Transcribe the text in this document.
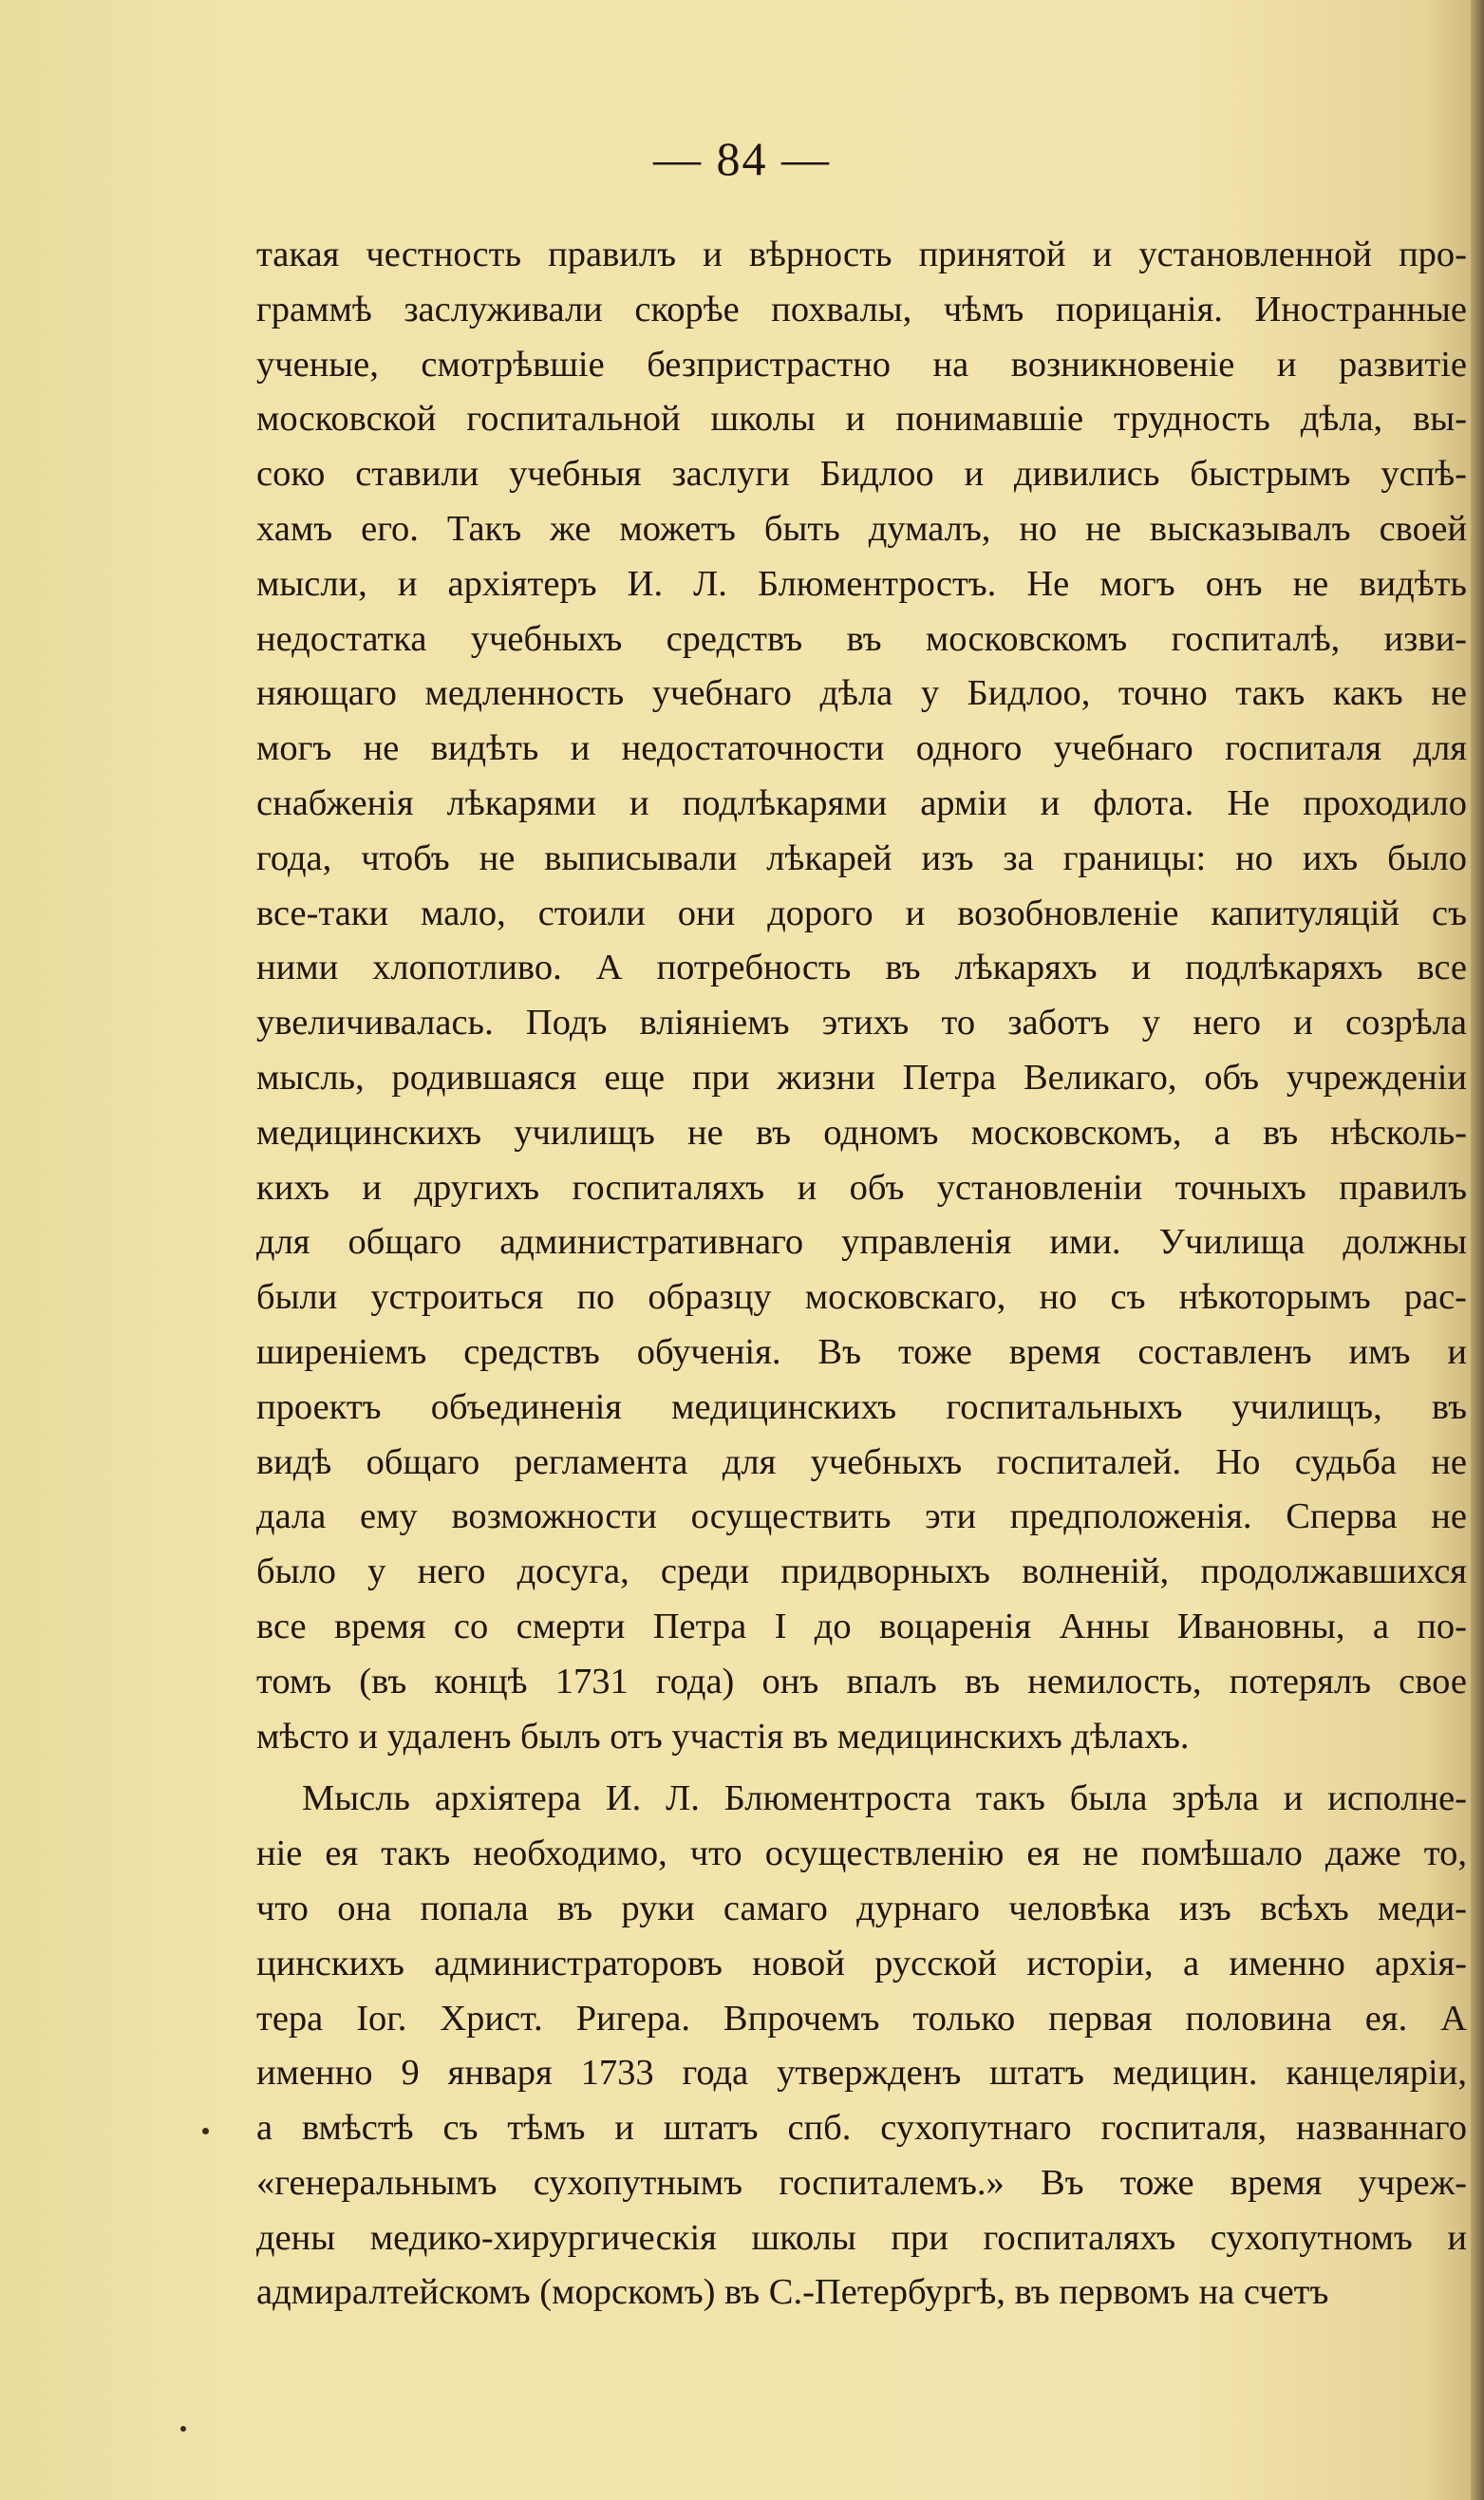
— 84 —
такая честность правилъ и вѣрность принятой и установленной про-
граммѣ заслуживали скорѣе похвалы, чѣмъ порицанія. Иностранные
ученые, смотрѣвшіе безпристрастно на возникновеніе и развитіе
московской госпитальной школы и понимавшіе трудность дѣла, вы-
соко ставили учебныя заслуги Бидлоо и дивились быстрымъ успѣ-
хамъ его. Такъ же можетъ быть думалъ, но не высказывалъ своей
мысли, и архіятеръ И. Л. Блюментростъ. Не могъ онъ не видѣть
недостатка учебныхъ средствъ въ московскомъ госпиталѣ, изви-
няющаго медленность учебнаго дѣла у Бидлоо, точно такъ какъ не
могъ не видѣть и недостаточности одного учебнаго госпиталя для
снабженія лѣкарями и подлѣкарями арміи и флота. Не проходило
года, чтобъ не выписывали лѣкарей изъ за границы: но ихъ было
все-таки мало, стоили они дорого и возобновленіе капитуляцій съ
ними хлопотливо. А потребность въ лѣкаряхъ и подлѣкаряхъ все
увеличивалась. Подъ вліяніемъ этихъ то заботъ у него и созрѣла
мысль, родившаяся еще при жизни Петра Великаго, объ учрежденіи
медицинскихъ училищъ не въ одномъ московскомъ, а въ нѣсколь-
кихъ и другихъ госпиталяхъ и объ установленіи точныхъ правилъ
для общаго административнаго управленія ими. Училища должны
были устроиться по образцу московскаго, но съ нѣкоторымъ рас-
ширеніемъ средствъ обученія. Въ тоже время составленъ имъ и
проектъ объединенія медицинскихъ госпитальныхъ училищъ, въ
видѣ общаго регламента для учебныхъ госпиталей. Но судьба не
дала ему возможности осуществить эти предположенія. Сперва не
было у него досуга, среди придворныхъ волненій, продолжавшихся
все время со смерти Петра I до воцаренія Анны Ивановны, а по-
томъ (въ концѣ 1731 года) онъ впалъ въ немилость, потерялъ свое
мѣсто и удаленъ былъ отъ участія въ медицинскихъ дѣлахъ.
Мысль архіятера И. Л. Блюментроста такъ была зрѣла и исполне-
ніе ея такъ необходимо, что осуществленію ея не помѣшало даже то,
что она попала въ руки самаго дурнаго человѣка изъ всѣхъ меди-
цинскихъ администраторовъ новой русской исторіи, а именно архія-
тера Іог. Христ. Ригера. Впрочемъ только первая половина ея. А
именно 9 января 1733 года утвержденъ штатъ медицин. канцеляріи,
а вмѣстѣ съ тѣмъ и штатъ спб. сухопутнаго госпиталя, названнаго
«генеральнымъ сухопутнымъ госпиталемъ.» Въ тоже время учреж-
дены медико-хирургическія школы при госпиталяхъ сухопутномъ и
адмиралтейскомъ (морскомъ) въ С.-Петербургѣ, въ первомъ на счетъ
